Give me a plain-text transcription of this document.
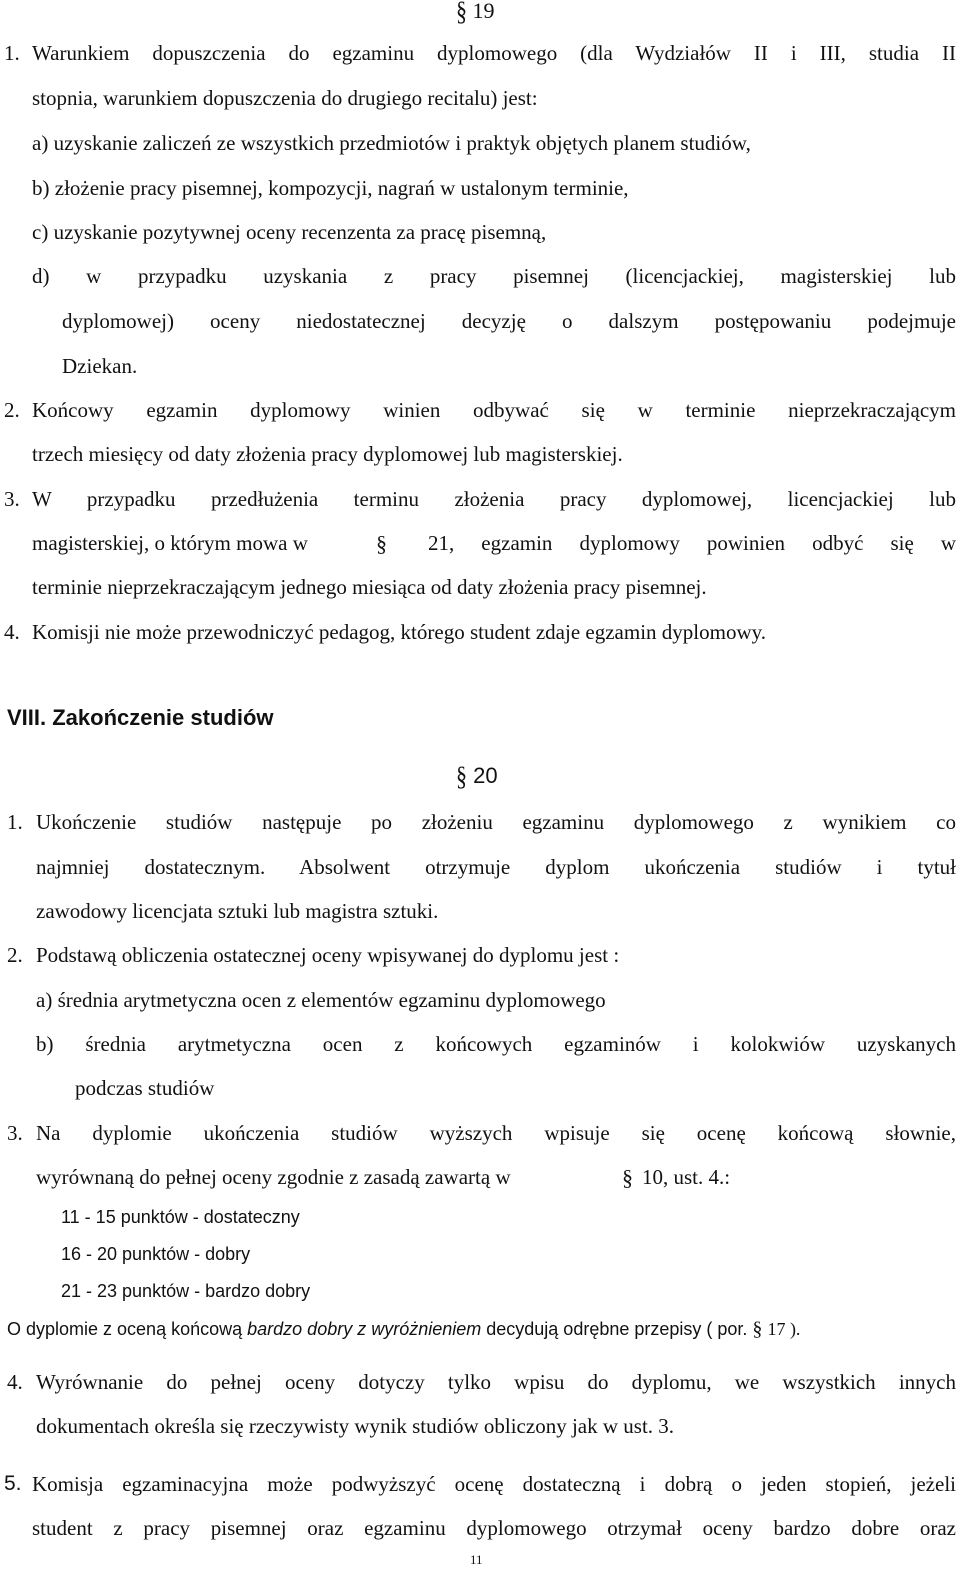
§ 19
1. Warunkiem dopuszczenia do egzaminu dyplomowego (dla Wydziałów II i III, studia II
stopnia, warunkiem dopuszczenia do drugiego recitalu) jest:
a) uzyskanie zaliczeń ze wszystkich przedmiotów i praktyk objętych planem studiów,
b) złożenie pracy pisemnej, kompozycji, nagrań w ustalonym terminie,
c) uzyskanie pozytywnej oceny recenzenta za pracę pisemną,
d) w przypadku uzyskania z pracy pisemnej (licencjackiej, magisterskiej lub
dyplomowej) oceny niedostatecznej decyzję o dalszym postępowaniu podejmuje
Dziekan.
2. Końcowy egzamin dyplomowy winien odbywać się w terminie nieprzekraczającym
trzech miesięcy od daty złożenia pracy dyplomowej lub magisterskiej.
3. W przypadku przedłużenia terminu złożenia pracy dyplomowej, licencjackiej lub
magisterskiej, o którym mowa w	§ 21, egzamin dyplomowy powinien odbyć się w
terminie nieprzekraczającym jednego miesiąca od daty złożenia pracy pisemnej.
4. Komisji nie może przewodniczyć pedagog, którego student zdaje egzamin dyplomowy.
VIII. Zakończenie studiów
§ 20
1. Ukończenie studiów następuje po złożeniu egzaminu dyplomowego z wynikiem co
najmniej dostatecznym. Absolwent otrzymuje dyplom ukończenia studiów i tytuł
zawodowy licencjata sztuki lub magistra sztuki.
2. Podstawą obliczenia ostatecznej oceny wpisywanej do dyplomu jest :
a) średnia arytmetyczna ocen z elementów egzaminu dyplomowego
b) średnia arytmetyczna ocen z końcowych egzaminów i kolokwiów uzyskanych
podczas studiów
3. Na dyplomie ukończenia studiów wyższych wpisuje się ocenę końcową słownie,
wyrównaną do pełnej oceny zgodnie z zasadą zawartą w	§ 10, ust. 4.:
11 - 15 punktów - dostateczny
16 - 20 punktów - dobry
21 - 23 punktów - bardzo dobry
O dyplomie z oceną końcową bardzo dobry z wyróżnieniem decydują odrębne przepisy ( por. § 17 ).
4. Wyrównanie do pełnej oceny dotyczy tylko wpisu do dyplomu, we wszystkich innych
dokumentach określa się rzeczywisty wynik studiów obliczony jak w ust. 3.
5. Komisja egzaminacyjna może podwyższyć ocenę dostateczną i dobrą o jeden stopień, jeżeli
student z pracy pisemnej oraz egzaminu dyplomowego otrzymał oceny bardzo dobre oraz
11
